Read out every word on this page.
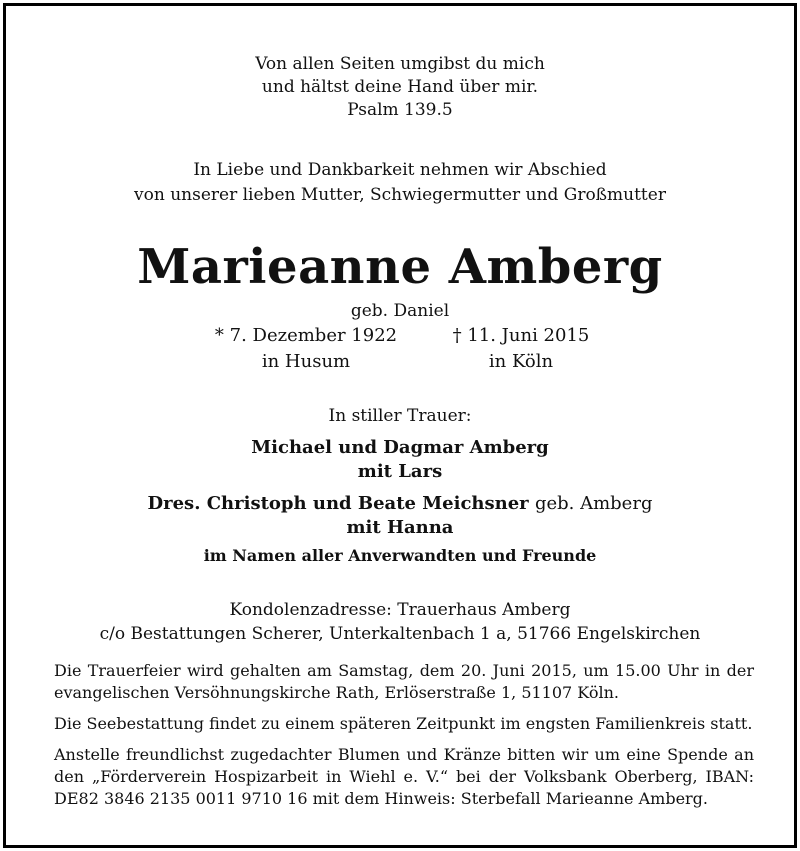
Von allen Seiten umgibst du mich
und hältst deine Hand über mir.
Psalm 139.5
In Liebe und Dankbarkeit nehmen wir Abschied
von unserer lieben Mutter, Schwiegermutter und Großmutter
Marieanne Amberg
geb. Daniel
* 7. Dezember 1922
in Husum
† 11. Juni 2015
in Köln
In stiller Trauer:
Michael und Dagmar Amberg
mit Lars
Dres. Christoph und Beate Meichsner geb. Amberg
mit Hanna
im Namen aller Anverwandten und Freunde
Kondolenzadresse: Trauerhaus Amberg
c/o Bestattungen Scherer, Unterkaltenbach 1 a, 51766 Engelskirchen
Die Trauerfeier wird gehalten am Samstag, dem 20. Juni 2015, um 15.00 Uhr in der evangelischen Versöhnungskirche Rath, Erlöserstraße 1, 51107 Köln.
Die Seebestattung findet zu einem späteren Zeitpunkt im engsten Familienkreis statt.
Anstelle freundlichst zugedachter Blumen und Kränze bitten wir um eine Spende an den „Förderverein Hospizarbeit in Wiehl e. V.“ bei der Volksbank Oberberg, IBAN: DE82 3846 2135 0011 9710 16 mit dem Hinweis: Sterbefall Marieanne Amberg.
